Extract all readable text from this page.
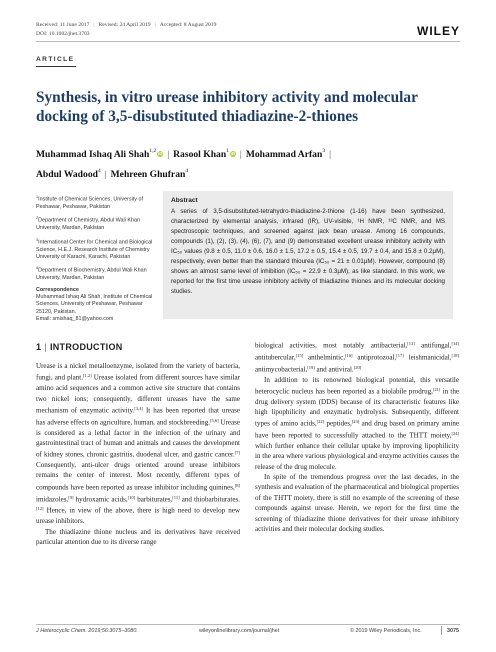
Received: 11 June 2017 | Revised: 24 April 2019 | Accepted: 8 August 2019
DOI: 10.1002/jhet.3703	WILEY
ARTICLE
Synthesis, in vitro urease inhibitory activity and molecular docking of 3,5-disubstituted thiadiazine-2-thiones
Muhammad Ishaq Ali Shah$^{1,2}$ iD | Rasool Khan$^1$ iD | Mohammad Arfan$^3$ |
Abdul Wadood$^4$ | Mehreen Ghufran$^4$

$^1$Institute of Chemical Sciences, University of Peshawar, Peshawar, Pakistan

$^2$Department of Chemistry, Abdul Wali Khan University, Mardan, Pakistan

$^3$International Center for Chemical and Biological Science, H.E.J. Research Institute of Chemistry University of Karachi, Karachi, Pakistan

$^4$Department of Biochemistry, Abdul Wali Khan University, Mardan, Pakistan

Correspondence

Muhammad Ishaq Ali Shah, Institute of Chemical Sciences, University of Peshawar, Peshawar 25120, Pakistan.

Email: smishaq_81@yahoo.com

Abstract
A series of 3,5-disubstituted-tetrahydro-thiadiazine-2-thione (1-16) have been synthesized, characterized by elemental analysis, infrared (IR), UV-visible, ¹H NMR, ¹³C NMR, and MS spectroscopic techniques, and screened against jack bean urease. Among 16 compounds, compounds (1), (2), (3), (4), (6), (7), and (9) demonstrated excellent urease inhibitory activity with IC₅₀ values (9.8 ± 0.5, 11.0 ± 0.6, 16.0 ± 1.5, 17.2 ± 0.5, 15.4 ± 0.5, 19.7 ± 0.4, and 15.8 ± 0.2μM), respectively, even better than the standard thiourea (IC₅₀ = 21 ± 0.01μM). However, compound (8) shows an almost same level of inhibition (IC₅₀ = 22.9 ± 0.3μM), as like standard. In this work, we reported for the first time urease inhibitory activity of thiadiazine thiones and its molecular docking studies.
1 | INTRODUCTION

Urease is a nickel metalloenzyme, isolated from the variety of bacteria, fungi, and plant.[1,2] Urease isolated from different sources have similar amino acid sequences and a common active site structure that contains two nickel ions; consequently, different ureases have the same mechanism of enzymatic activity.[3,4] It has been reported that urease has adverse effects on agriculture, human, and stockbreeding.[5,6] Urease is considered as a lethal factor in the infection of the urinary and gastrointestinal tract of human and animals and causes the development of kidney stones, chronic gastritis, duodenal ulcer, and gastric cancer.[7] Consequently, anti-ulcer drugs oriented around urease inhibitors remains the center of interest. Most recently, different types of compounds have been reported as urease inhibitor including quinines,[8] imidazoles,[9] hydroxamic acids,[10] barbiturates,[11] and thiobarbiturates.[12] Hence, in view of the above, there is high need to develop new urease inhibitors.

The thiadiazine thione nucleus and its derivatives have received particular attention due to its diverse range

biological activities, most notably antibacterial,[13] antifungal,[14] antitubercular,[15] anthelmintic,[16] antiprotozoal,[17] leishmanicidal,[18] antimycobacterial,[19] and antiviral.[20]

In addition to its renowned biological potential, this versatile heterocyclic nucleus has been reported as a biolabile prodrug,[21] in the drug delivery system (DDS) because of its characteristic features like high lipophilicity and enzymatic hydrolysis. Subsequently, different types of amino acids,[22] peptides,[23] and drug based on primary amine have been reported to successfully attached to the THTT moiety,[24] which further enhance their cellular uptake by improving lipophilicity in the area where various physiological and enzyme activities causes the release of the drug molecule.

In spite of the tremendous progress over the last decades, in the synthesis and evaluation of the pharmaceutical and biological properties of the THTT moiety, there is still no example of the screening of these compounds against urease. Herein, we report for the first time the screening of thiadiazine thione derivatives for their urease inhibitory activities and their molecular docking studies.

J Heterocyclic Chem. 2019;56:3075–3080.	wileyonlinelibrary.com/journal/jhet	© 2019 Wiley Periodicals, Inc.	3075
